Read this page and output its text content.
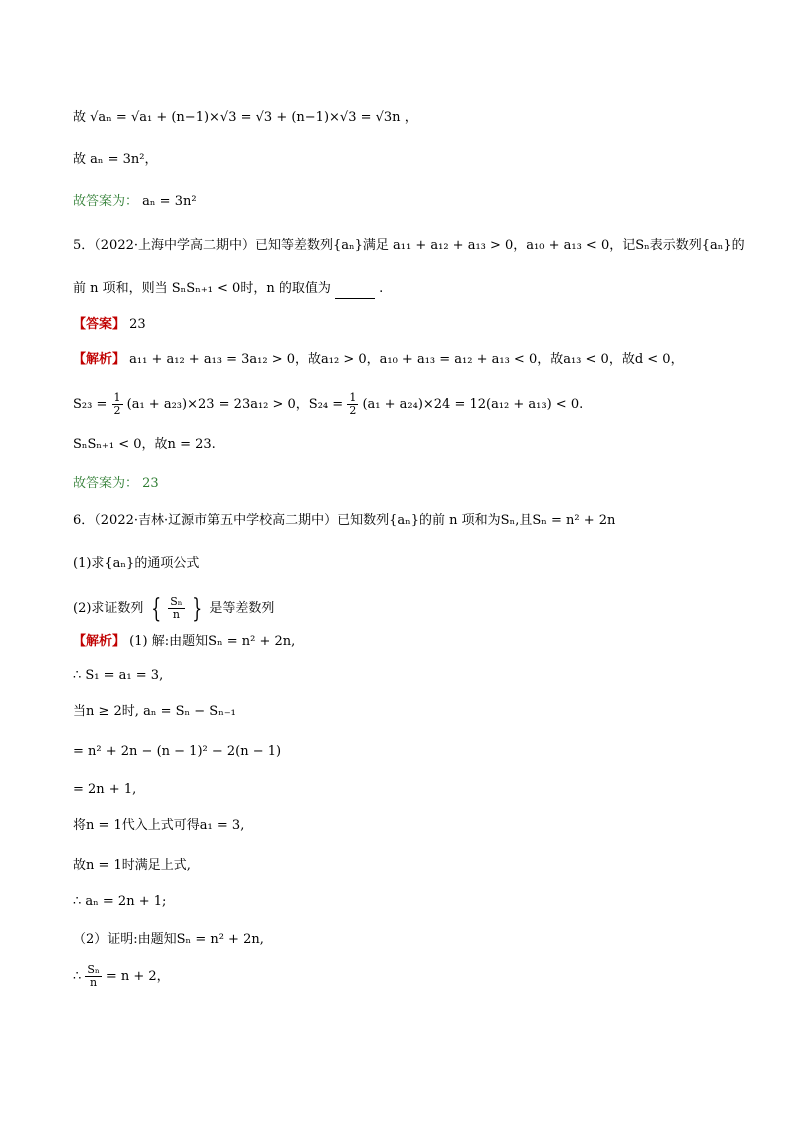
故 √aₙ = √a₁ + (n−1)×√3 = √3 + (n−1)×√3 = √3n ，
故 aₙ = 3n²，
故答案为： aₙ = 3n²
5．（2022·上海中学高二期中）已知等差数列{aₙ}满足 a₁₁ + a₁₂ + a₁₃ > 0，a₁₀ + a₁₃ < 0，记Sₙ表示数列{aₙ}的
前 n 项和，则当 SₙSₙ₊₁ < 0时，n 的取值为	.
【答案】 23
【解析】 a₁₁ + a₁₂ + a₁₃ = 3a₁₂ > 0，故a₁₂ > 0，a₁₀ + a₁₃ = a₁₂ + a₁₃ < 0，故a₁₃ < 0，故d < 0，
$S_{23} = \frac{1}{2} (a_1 + a_{23})\times 23 = 23a_{12} > 0$，$S_{24} = \frac{1}{2} (a_1 + a_{24})\times 24 = 12(a_{12} + a_{13}) < 0$.
SₙSₙ₊₁ < 0，故n = 23.
故答案为： 23
6．（2022·吉林·辽源市第五中学校高二期中）已知数列{aₙ}的前 n 项和为Sₙ,且Sₙ = n² + 2n
(1)求{aₙ}的通项公式
(2)求证数列 { $\frac{\text{Sₙ}}{n}$ } 是等差数列
【解析】 (1) 解:由题知Sₙ = n² + 2n,
∴ S₁ = a₁ = 3,
当n ≥ 2时, aₙ = Sₙ − Sₙ₋₁
= n² + 2n − (n − 1)² − 2(n − 1)
= 2n + 1,
将n = 1代入上式可得a₁ = 3,
故n = 1时满足上式,
∴ aₙ = 2n + 1;
（2）证明:由题知Sₙ = n² + 2n,
∴ $\frac{\text{Sₙ}}{n} = n + 2$，
